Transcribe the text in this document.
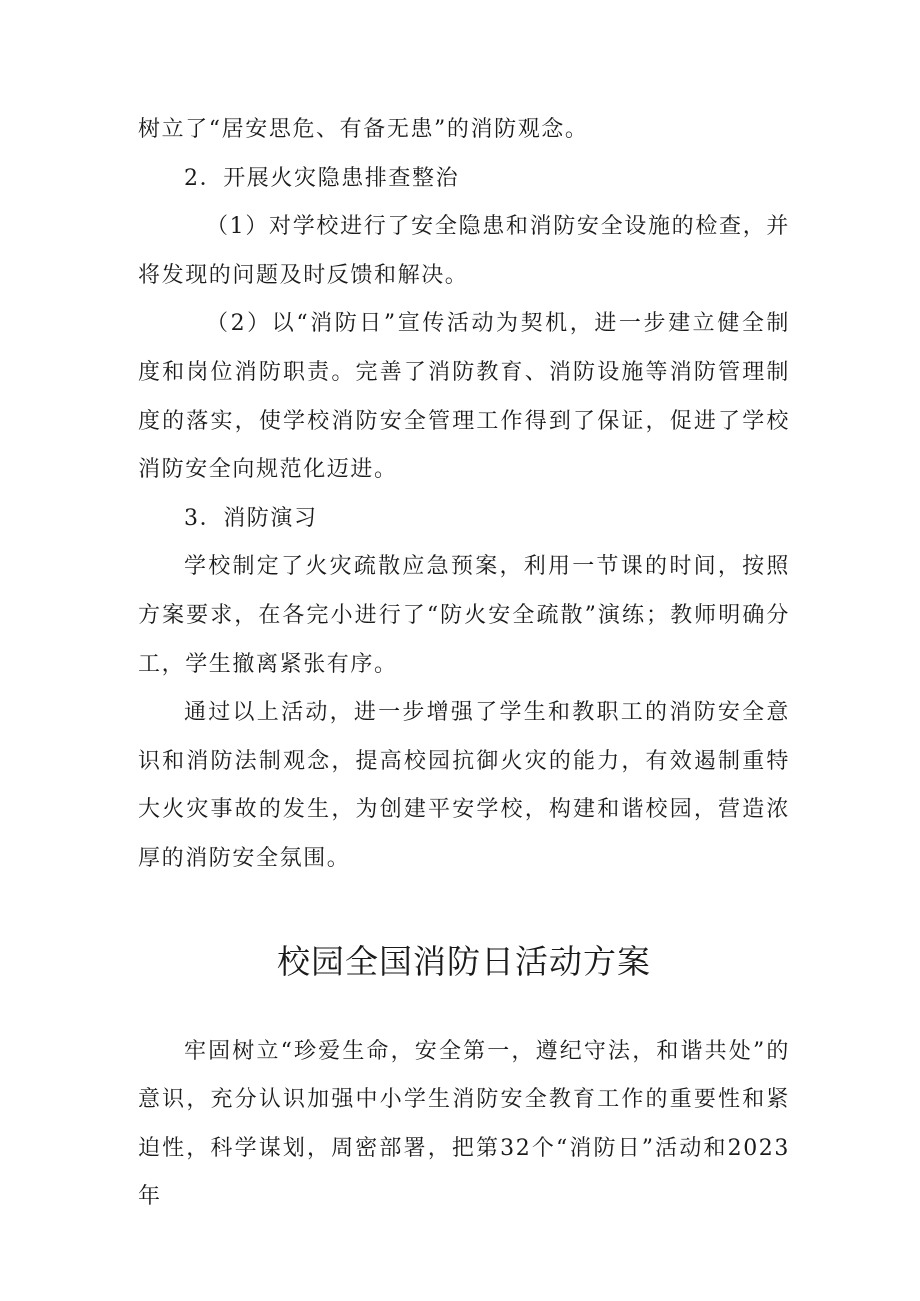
树立了“居安思危、有备无患”的消防观念。

2．开展火灾隐患排查整治

（1）对学校进行了安全隐患和消防安全设施的检查，并将发现的问题及时反馈和解决。

（2）以“消防日”宣传活动为契机，进一步建立健全制度和岗位消防职责。完善了消防教育、消防设施等消防管理制度的落实，使学校消防安全管理工作得到了保证，促进了学校消防安全向规范化迈进。

3．消防演习

学校制定了火灾疏散应急预案，利用一节课的时间，按照方案要求，在各完小进行了“防火安全疏散”演练；教师明确分工，学生撤离紧张有序。

通过以上活动，进一步增强了学生和教职工的消防安全意识和消防法制观念，提高校园抗御火灾的能力，有效遏制重特大火灾事故的发生，为创建平安学校，构建和谐校园，营造浓厚的消防安全氛围。

校园全国消防日活动方案

牢固树立“珍爱生命，安全第一，遵纪守法，和谐共处”的意识，充分认识加强中小学生消防安全教育工作的重要性和紧迫性，科学谋划，周密部署，把第32个“消防日”活动和2023年
